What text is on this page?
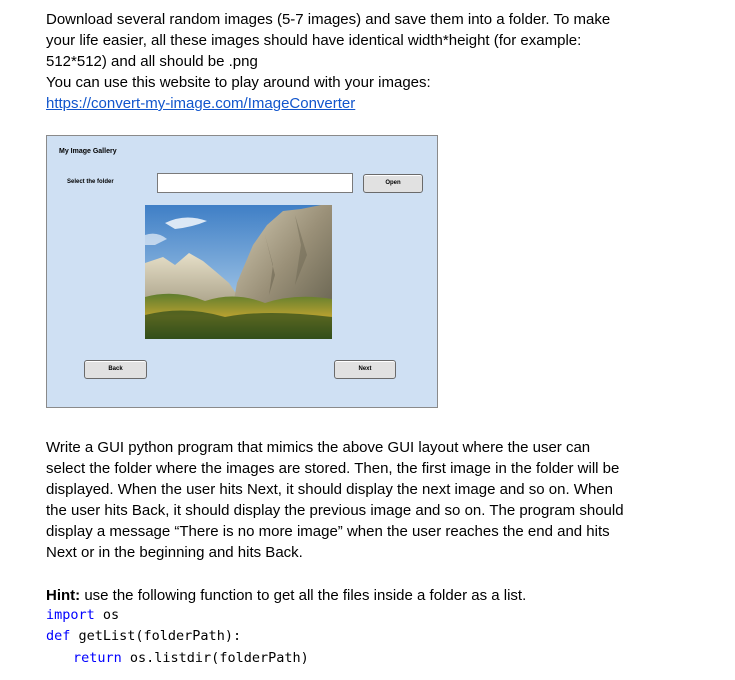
Download several random images (5-7 images) and save them into a folder. To make
your life easier, all these images should have identical width*height (for example:
512*512) and all should be .png
You can use this website to play around with your images:
https://convert-my-image.com/ImageConverter
My Image Gallery
Select the folder	Open
Back	Next
Write a GUI python program that mimics the above GUI layout where the user can
select the folder where the images are stored. Then, the first image in the folder will be
displayed. When the user hits Next, it should display the next image and so on. When
the user hits Back, it should display the previous image and so on. The program should
display a message “There is no more image” when the user reaches the end and hits
Next or in the beginning and hits Back.
Hint: use the following function to get all the files inside a folder as a list.
import os
def getList(folderPath):
return os.listdir(folderPath)
